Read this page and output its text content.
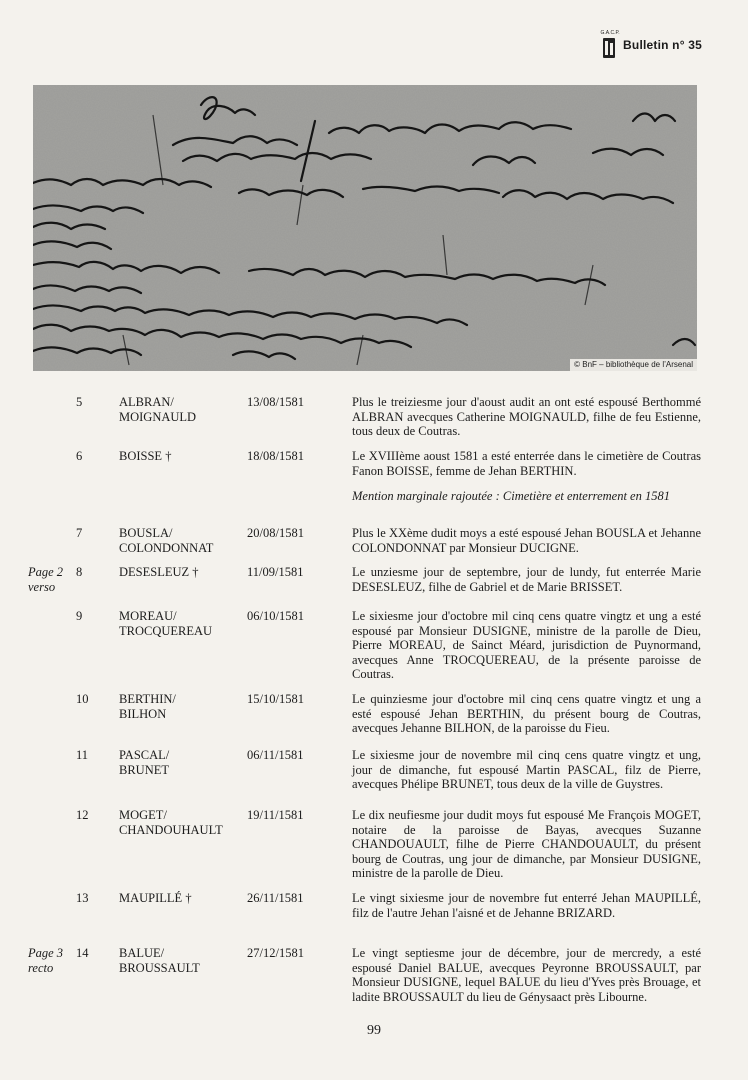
G.A.C.P.
Bulletin n° 35
© BnF – bibliothèque de l’Arsenal
5	ALBRAN/
MOIGNAULD
13/08/1581	Plus le treiziesme jour d'aoust audit an ont esté espousé Berthommé ALBRAN avecques Catherine MOIGNAULD, filhe de feu Estienne, tous deux de Coutras.
6	BOISSE †	18/08/1581	Le XVIIIème aoust 1581 a esté enterrée dans le cimetière de Coutras Fanon BOISSE, femme de Jehan BERTHIN.
Mention marginale rajoutée : Cimetière et enterrement en 1581
7	BOUSLA/
COLONDONNAT
20/08/1581	Plus le XXème dudit moys a esté espousé Jehan BOUSLA et Jehanne COLONDONNAT par Monsieur DUCIGNE.
Page 2 verso
8	DESESLEUZ †	11/09/1581	Le unziesme jour de septembre, jour de lundy, fut enterrée Marie DESESLEUZ, filhe de Gabriel et de Marie BRISSET.
9	MOREAU/
TROCQUEREAU
06/10/1581	Le sixiesme jour d'octobre mil cinq cens quatre vingtz et ung a esté espousé par Monsieur DUSIGNE, ministre de la parolle de Dieu, Pierre MOREAU, de Sainct Méard, jurisdiction de Puynormand, avecques Anne TROCQUEREAU, de la présente paroisse de Coutras.
10 BERTHIN/
BILHON
15/10/1581	Le quinziesme jour d'octobre mil cinq cens quatre vingtz et ung a esté espousé Jehan BERTHIN, du présent bourg de Coutras, avecques Jehanne BILHON, de la paroisse du Fieu.
11 PASCAL/
BRUNET
06/11/1581	Le sixiesme jour de novembre mil cinq cens quatre vingtz et ung, jour de dimanche, fut espousé Martin PASCAL, filz de Pierre, avecques Phélipe BRUNET, tous deux de la ville de Guystres.
12 MOGET/
CHANDOUHAULT
19/11/1581	Le dix neufiesme jour dudit moys fut espousé Me François MOGET, notaire de la paroisse de Bayas, avecques Suzanne CHANDOUAULT, filhe de Pierre CHANDOUAULT, du présent bourg de Coutras, ung jour de dimanche, par Monsieur DUSIGNE, ministre de la parolle de Dieu.
13 MAUPILLÉ †	26/11/1581	Le vingt sixiesme jour de novembre fut enterré Jehan MAUPILLÉ, filz de l'autre Jehan l'aisné et de Jehanne BRIZARD.
Page 3 recto
14 BALUE/
BROUSSAULT
27/12/1581	Le vingt septiesme jour de décembre, jour de mercredy, a esté espousé Daniel BALUE, avecques Peyronne BROUSSAULT, par Monsieur DUSIGNE, lequel BALUE du lieu d'Yves près Brouage, et ladite BROUSSAULT du lieu de Génysaact près Libourne.
99
